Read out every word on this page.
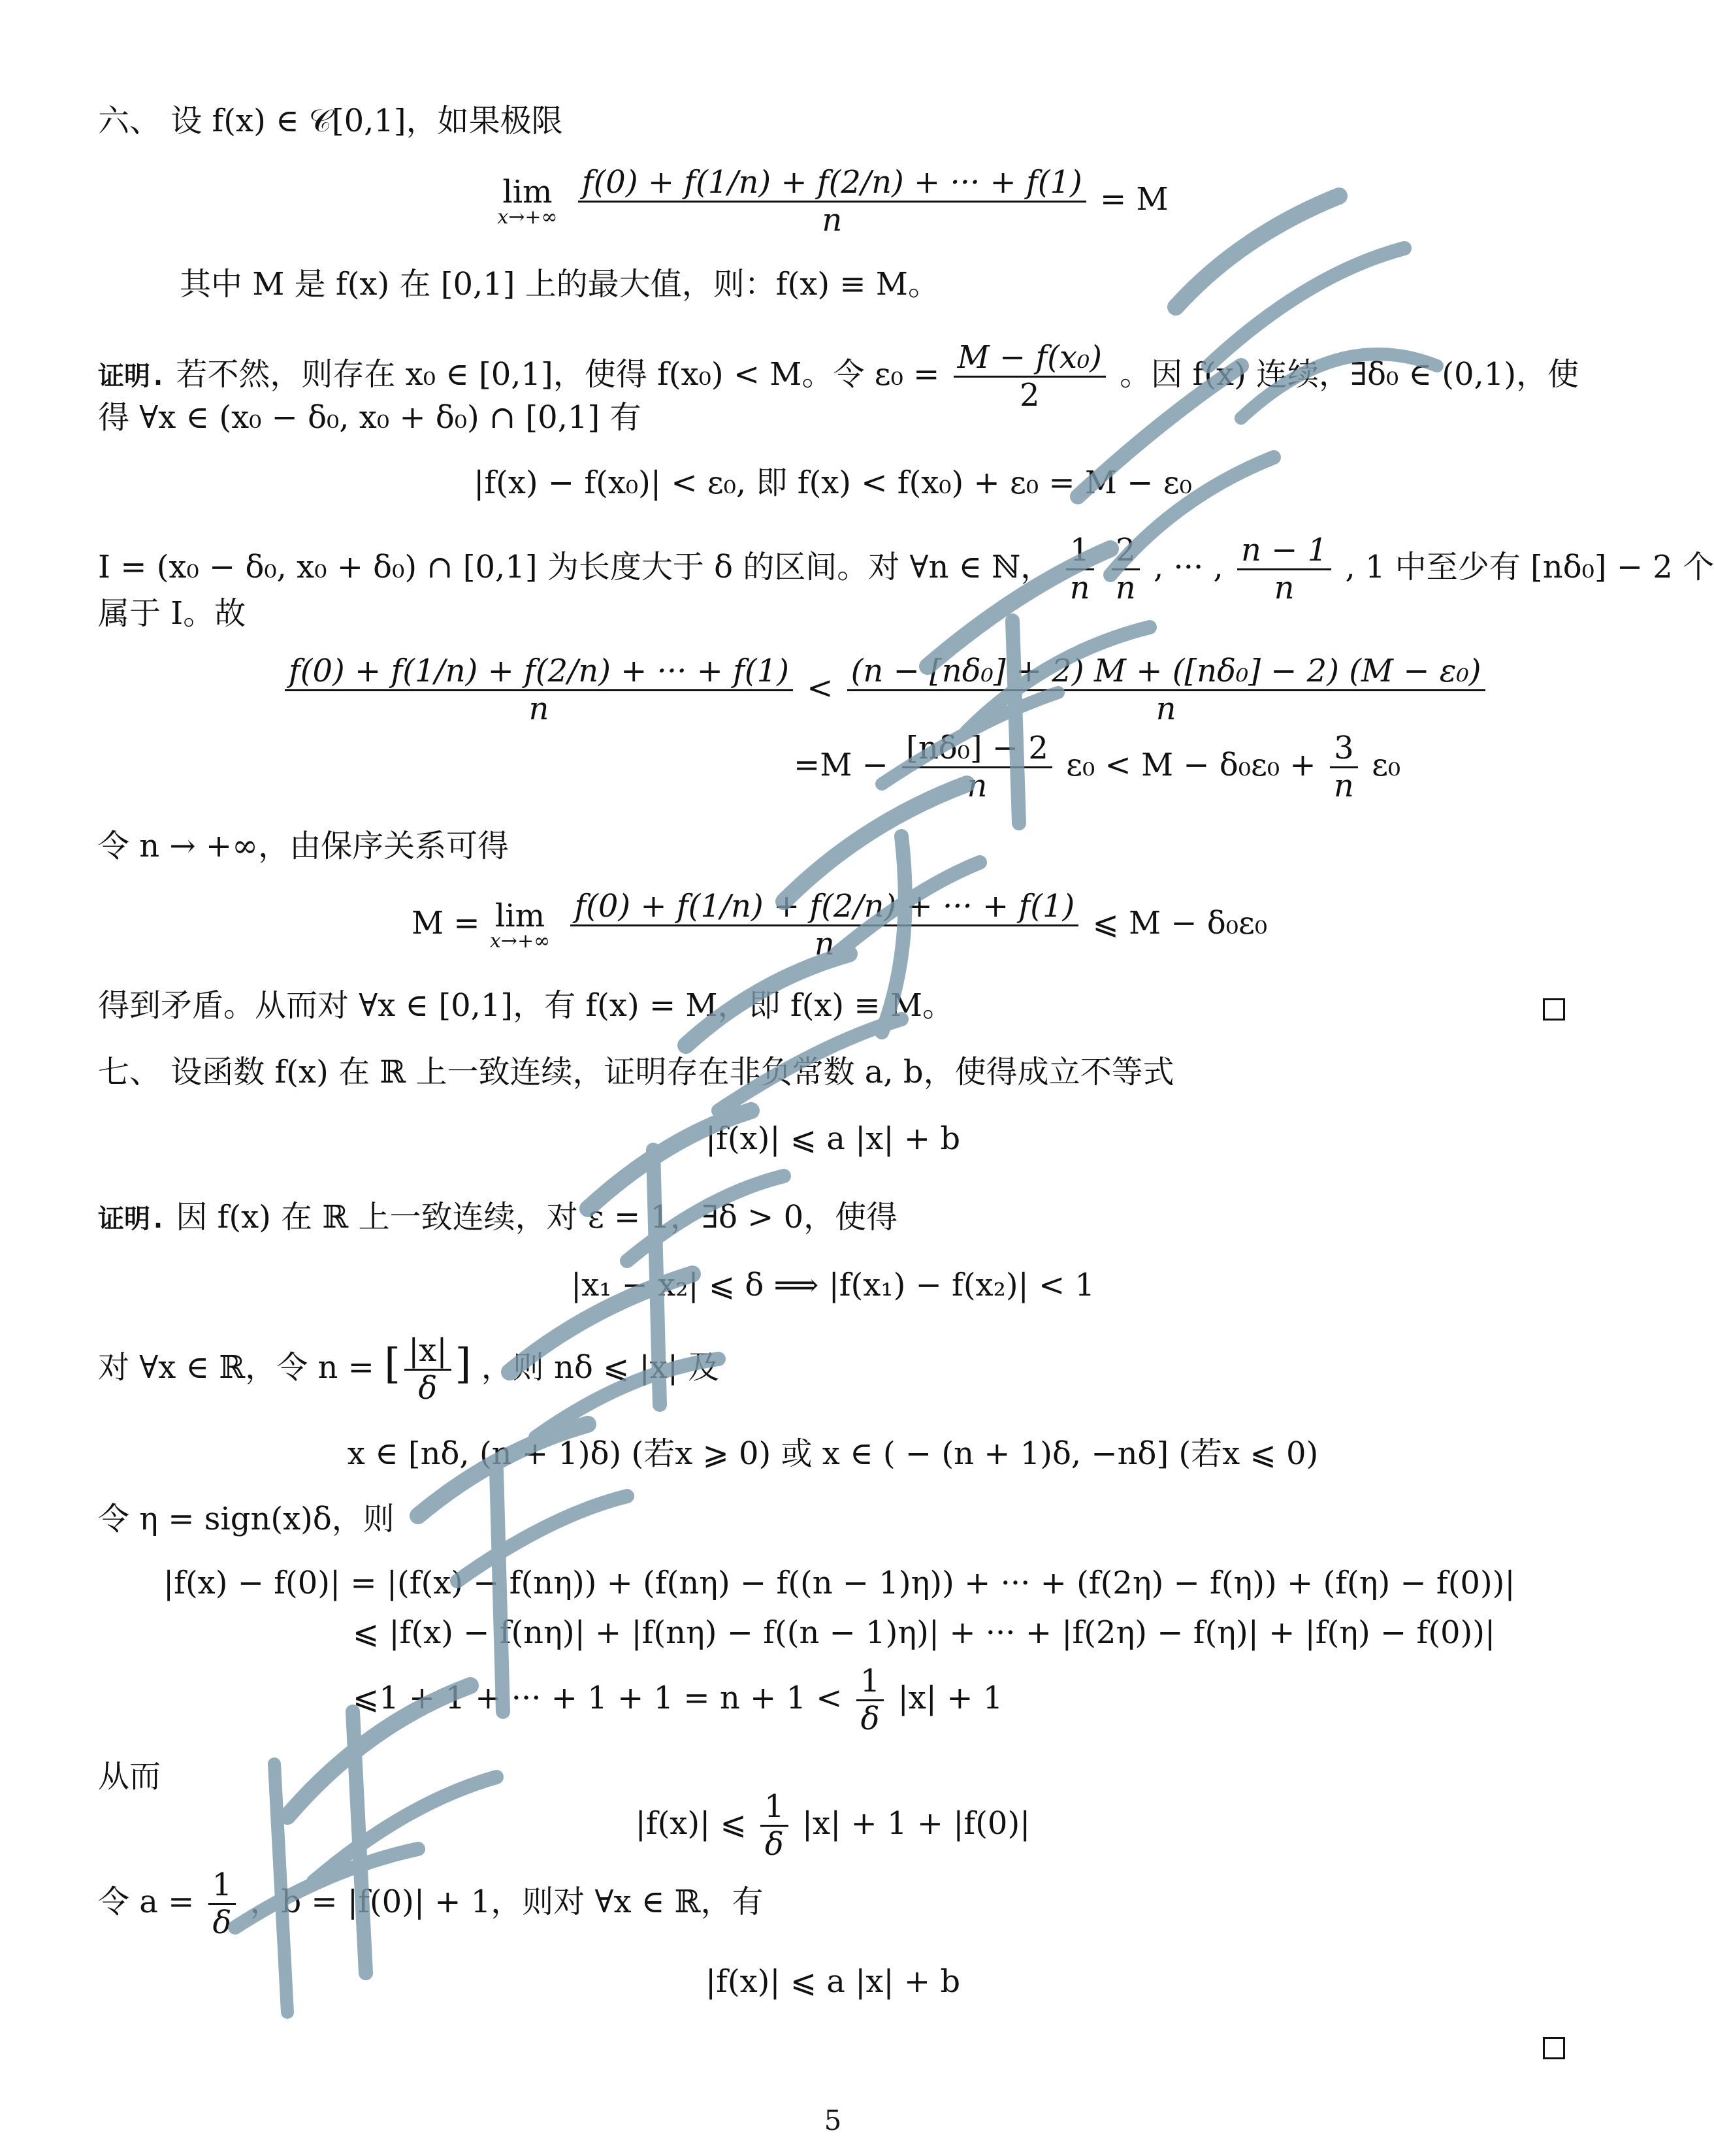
六、 设 f(x) ∈ 𝒞[0,1]，如果极限
lim
x→+∞
$\frac{f(0) + f(1/n) + f(2/n) + \cdot\cdot\cdot + f(1)}{n} = M$
其中 M 是 f(x) 在 [0,1] 上的最大值，则：f(x) ≡ M。
证明. 若不然，则存在 x₀ ∈ [0,1]，使得 f(x₀) < M。令 $\varepsilon_0 = \frac{\text{M − f(x₀)}}{2}$ 。因 f(x) 连续，∃δ₀ ∈ (0,1)，使
得 ∀x ∈ (x₀ − δ₀, x₀ + δ₀) ∩ [0,1] 有
|f(x) − f(x₀)| < ε₀, 即 f(x) < f(x₀) + ε₀ = M − ε₀
I = (x₀ − δ₀, x₀ + δ₀) ∩ [0,1] 为长度大于 δ 的区间。对 ∀n ∈ ℕ， $\frac{1}{n}$
$\frac{2}{n}$ , ··· , $\frac{n - 1}{n}$ , 1 中至少有 [nδ₀] − 2 个
属于 I。故
$\frac{f(0) + f(1/n) + f(2/n) + \cdot\cdot\cdot + f(1)}{n} < \frac{\text{(n − [nδ₀] + 2) M + ([nδ₀] − 2) (M − ε₀)}}{n}$
$=M - \frac{\text{[nδ₀] − 2}}{n} \varepsilon_0 < M - \delta_0\varepsilon_0 + \frac{3}{n} \varepsilon_0$
令 n → +∞，由保序关系可得
M = lim
x→+∞
$\frac{f(0) + f(1/n) + f(2/n) + \cdot\cdot\cdot + f(1)}{n}$ ⩽ M − δ₀ε₀
得到矛盾。从而对 ∀x ∈ [0,1]，有 f(x) = M，即 f(x) ≡ M。
七、 设函数 f(x) 在 ℝ 上一致连续，证明存在非负常数 a, b，使得成立不等式
|f(x)| ⩽ a |x| + b
证明. 因 f(x) 在 ℝ 上一致连续，对 ε = 1，∃δ > 0，使得
|x₁ − x₂| ⩽ δ ⟹ |f(x₁) − f(x₂)| < 1
对 ∀x ∈ ℝ，令 n = [ $\frac{|x|}{\delta}$ ] ，则 nδ ⩽ |x| 及
x ∈ [nδ, (n + 1)δ) (若x ⩾ 0) 或 x ∈ ( − (n + 1)δ, −nδ] (若x ⩽ 0)
令 η = sign(x)δ，则
|f(x) − f(0)| = |(f(x) − f(nη)) + (f(nη) − f((n − 1)η)) + ··· + (f(2η) − f(η)) + (f(η) − f(0))|
⩽ |f(x) − f(nη)| + |f(nη) − f((n − 1)η)| + ··· + |f(2η) − f(η)| + |f(η) − f(0))|
⩽1 + 1 + ··· + $1 + 1 = n + 1 < \frac{1}{\delta} |x| + 1$
从而
|f(x)| ⩽ $\frac{1}{\delta} |x| + 1 + |f(0)|$
令 $a = \frac{1}{\delta}$ ，b = |f(0)| + 1，则对 ∀x ∈ ℝ，有
|f(x)| ⩽ a |x| + b
5
